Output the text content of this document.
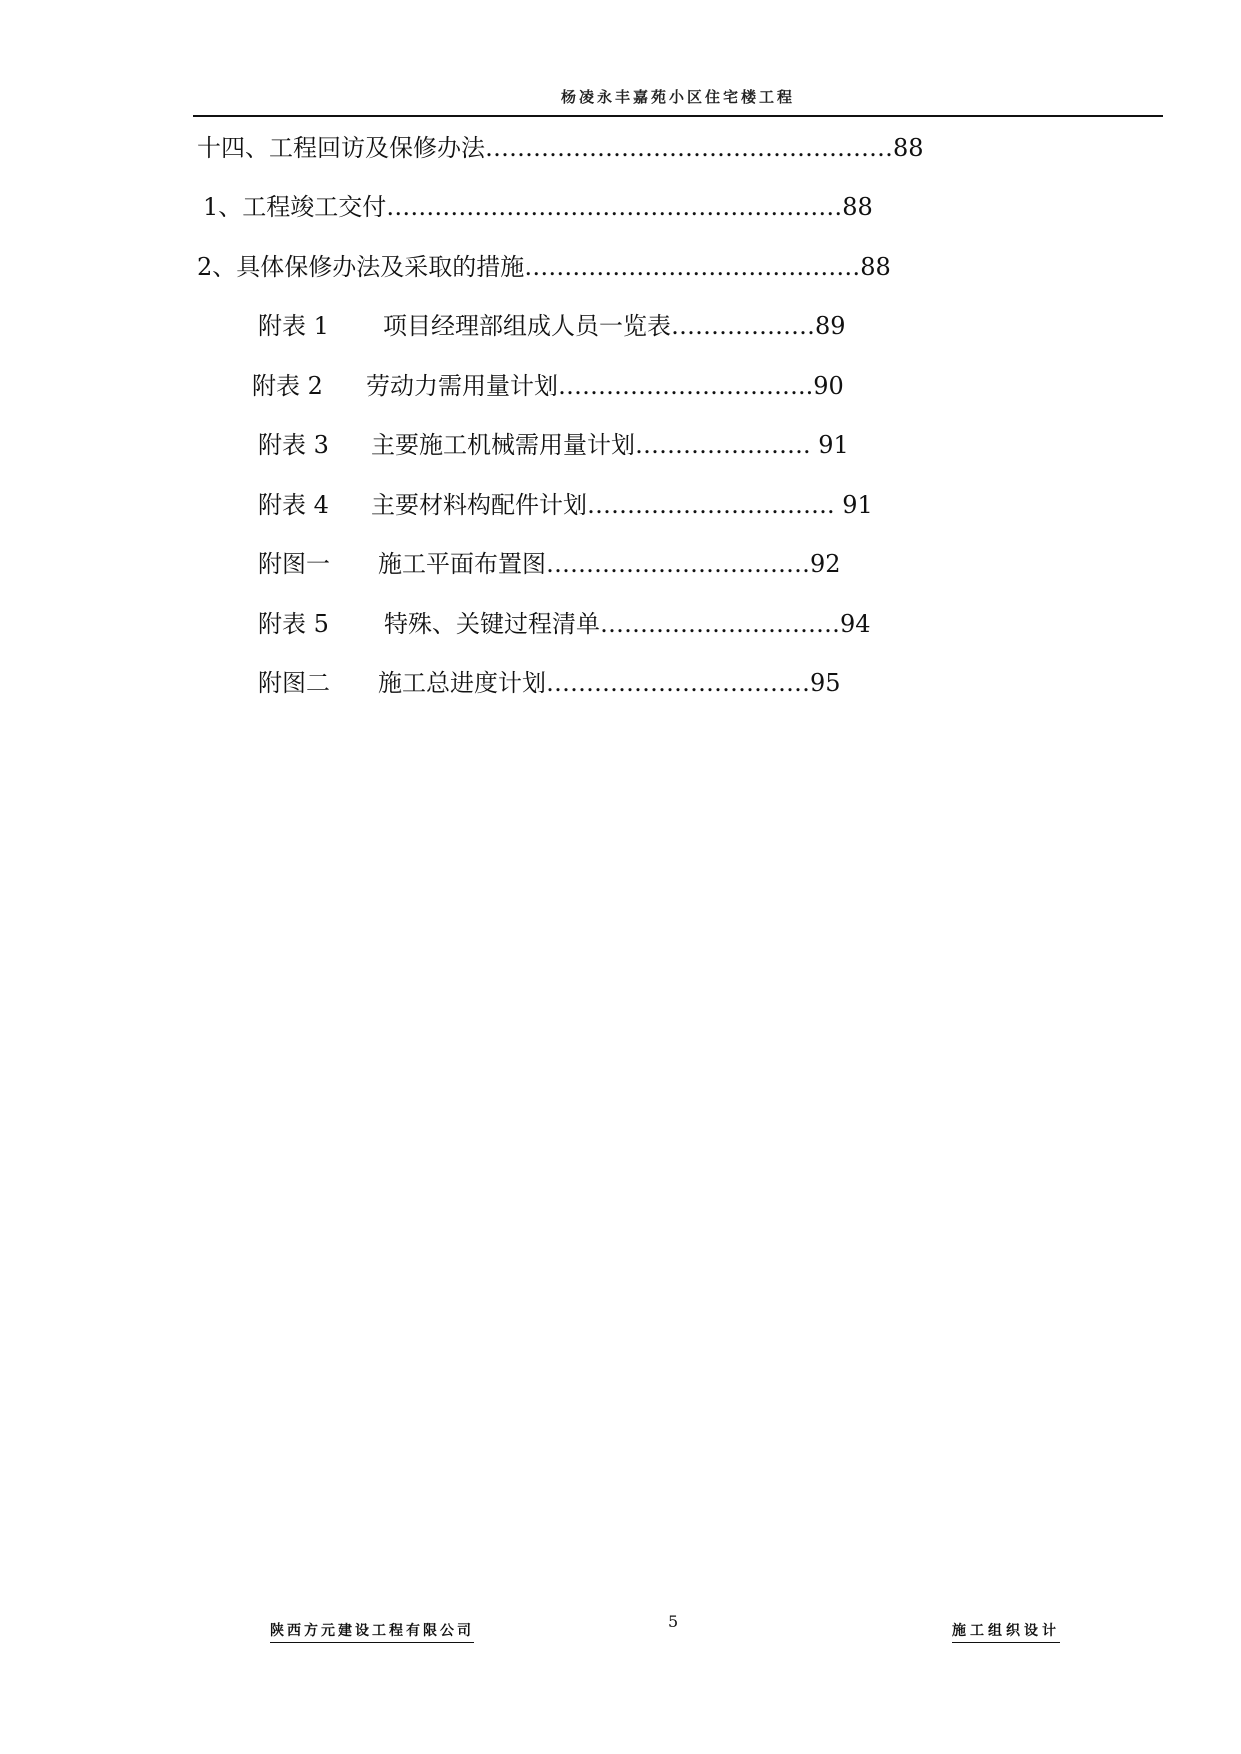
杨凌永丰嘉苑小区住宅楼工程
十四、工程回访及保修办法……………………………………………88
1、工程竣工交付…………………………………………………88
2、具体保修办法及采取的措施……………………………………88
附表 1 项目经理部组成人员一览表………………89
附表 2 劳动力需用量计划…………………………..90
附表 3 主要施工机械需用量计划…………………. 91
附表 4 主要材料构配件计划…………………………. 91
附图一 施工平面布置图……………………………92
附表 5 特殊、关键过程清单…………………………94
附图二 施工总进度计划……………………………95
陕西方元建设工程有限公司	5	施工组织设计
